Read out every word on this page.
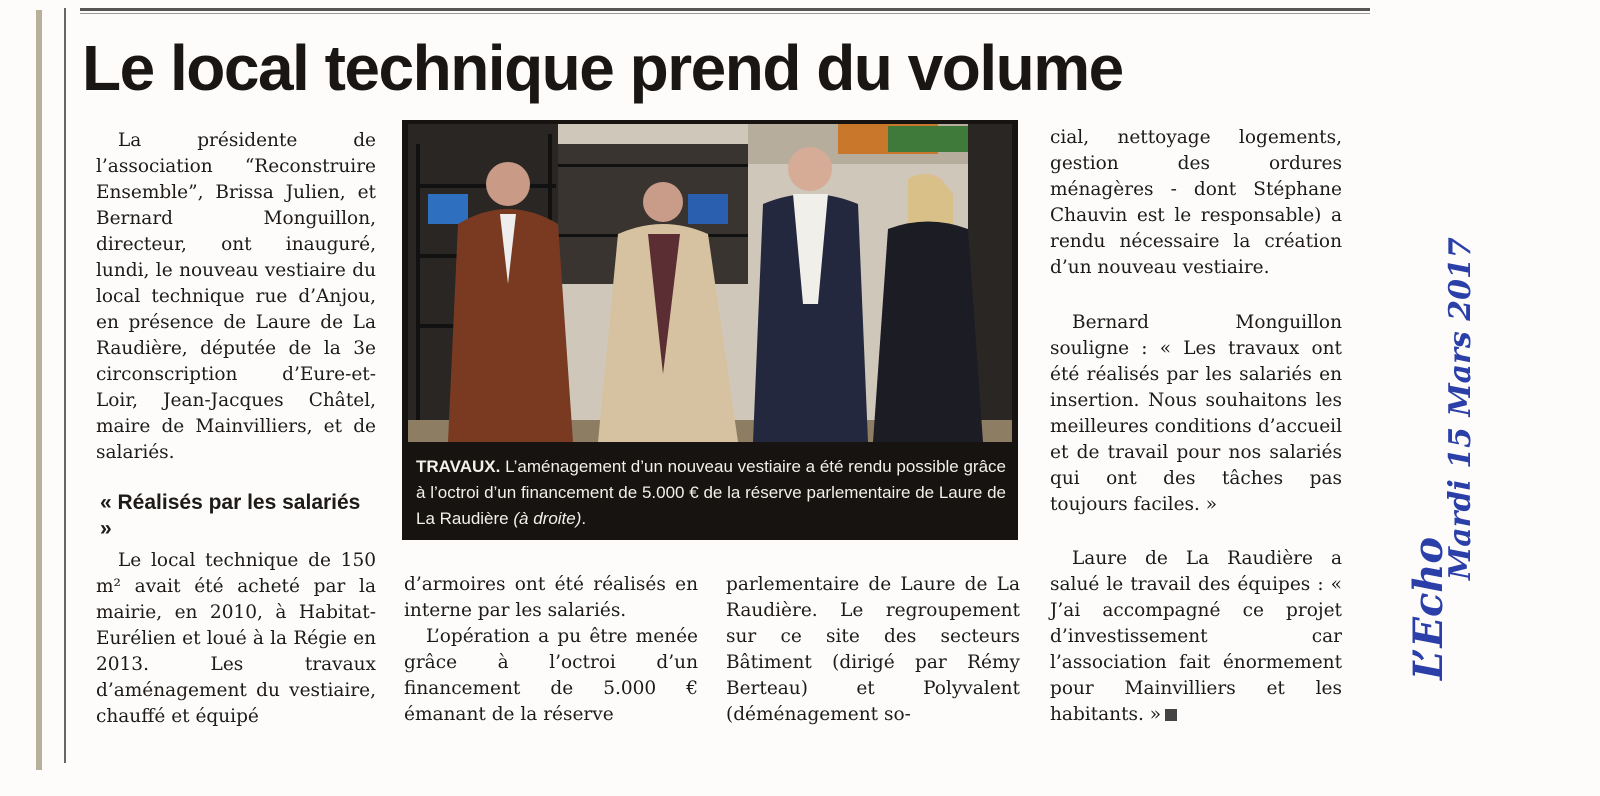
Le local technique prend du volume

La présidente de l’association “Reconstruire Ensemble”, Brissa Julien, et Bernard Monguillon, directeur, ont inauguré, lundi, le nouveau vestiaire du local technique rue d’Anjou, en présence de Laure de La Raudière, députée de la 3e circonscription d’Eure-et-Loir, Jean-Jacques Châtel, maire de Mainvilliers, et de salariés.

« Réalisés par les salariés »

Le local technique de 150 m² avait été acheté par la mairie, en 2010, à Habitat-Eurélien et loué à la Régie en 2013. Les travaux d’aménagement du vestiaire, chauffé et équipé

TRAVAUX. L’aménagement d’un nouveau vestiaire a été rendu possible grâce à l’octroi d’un financement de 5.000 € de la réserve parlementaire de Laure de La Raudière (à droite).

d’armoires ont été réalisés en interne par les salariés.

L’opération a pu être menée grâce à l’octroi d’un financement de 5.000 € émanant de la réserve

parlementaire de Laure de La Raudière. Le regroupement sur ce site des secteurs Bâtiment (dirigé par Rémy Berteau) et Polyvalent (déménagement so-

cial, nettoyage logements, gestion des ordures ménagères - dont Stéphane Chauvin est le responsable) a rendu nécessaire la création d’un nouveau vestiaire.

Bernard Monguillon souligne : « Les travaux ont été réalisés par les salariés en insertion. Nous souhaitons les meilleures conditions d’accueil et de travail pour nos salariés qui ont des tâches pas toujours faciles. »

Laure de La Raudière a salué le travail des équipes : « J’ai accompagné ce projet d’investissement car l’association fait énormement pour Mainvilliers et les habitants. »

L’Echo
Mardi 15 Mars 2017
